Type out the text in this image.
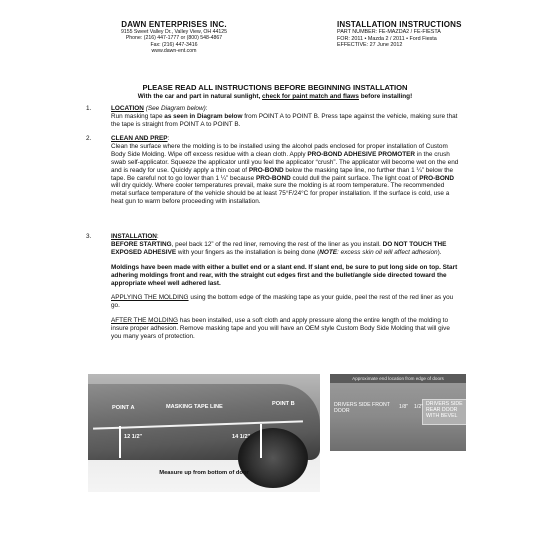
DAWN ENTERPRISES INC.
9155 Sweet Valley Dr., Valley View, OH 44125
Phone: (216) 447-1777 or (800) 548-4867
Fax: (216) 447-3416
www.dawn-ent.com
INSTALLATION INSTRUCTIONS
PART NUMBER: FE-MAZDA2 / FE-FIESTA
FOR: 2011 • Mazda 2 / 2011 • Ford Fiesta
EFFECTIVE: 27 June 2012
PLEASE READ ALL INSTRUCTIONS BEFORE BEGINNING INSTALLATION
With the car and part in natural sunlight, check for paint match and flaws before installing!
1.	LOCATION (See Diagram below):

Run masking tape as seen in Diagram below from POINT A to POINT B. Press tape against the vehicle, making sure that the tape is straight from POINT A to POINT B.

2.	CLEAN AND PREP:

Clean the surface where the molding is to be installed using the alcohol pads enclosed for proper installation of Custom Body Side Molding. Wipe off excess residue with a clean cloth. Apply PRO-BOND ADHESIVE PROMOTER in the crush swab self-applicator. Squeeze the applicator until you feel the applicator “crush”. The applicator will become wet on the end and is ready for use. Quickly apply a thin coat of PRO-BOND below the masking tape line, no further than 1 ¼” below the tape. Be careful not to go lower than 1 ¼” because PRO-BOND could dull the paint surface. The light coat of PRO-BOND will dry quickly. Where cooler temperatures prevail, make sure the molding is at room temperature. The recommended metal surface temperature of the vehicle should be at least 75°F/24°C for proper installation. If the surface is cold, use a heat gun to warm before proceeding with installation.

3.	INSTALLATION:

BEFORE STARTING, peel back 12” of the red liner, removing the rest of the liner as you install. DO NOT TOUCH THE EXPOSED ADHESIVE with your fingers as the installation is being done (NOTE: excess skin oil will affect adhesion).

Moldings have been made with either a bullet end or a slant end. If slant end, be sure to put long side on top. Start adhering moldings front and rear, with the straight cut edges first and the bullet/angle side directed toward the appropriate wheel well adhered last.

APPLYING THE MOLDING using the bottom edge of the masking tape as your guide, peel the rest of the red liner as you go.

AFTER THE MOLDING has been installed, use a soft cloth and apply pressure along the entire length of the molding to insure proper adhesion. Remove masking tape and you will have an OEM style Custom Body Side Molding that will give you many years of protection.

POINT A	MASKING TAPE LINE	POINT B
12 1/2"	14 1/2"
Measure up from bottom of door
Approximate end location from edge of doors
DRIVERS SIDE FRONT DOOR
1/8" 1/2" DRIVERS SIDE REAR DOOR WITH BEVEL
